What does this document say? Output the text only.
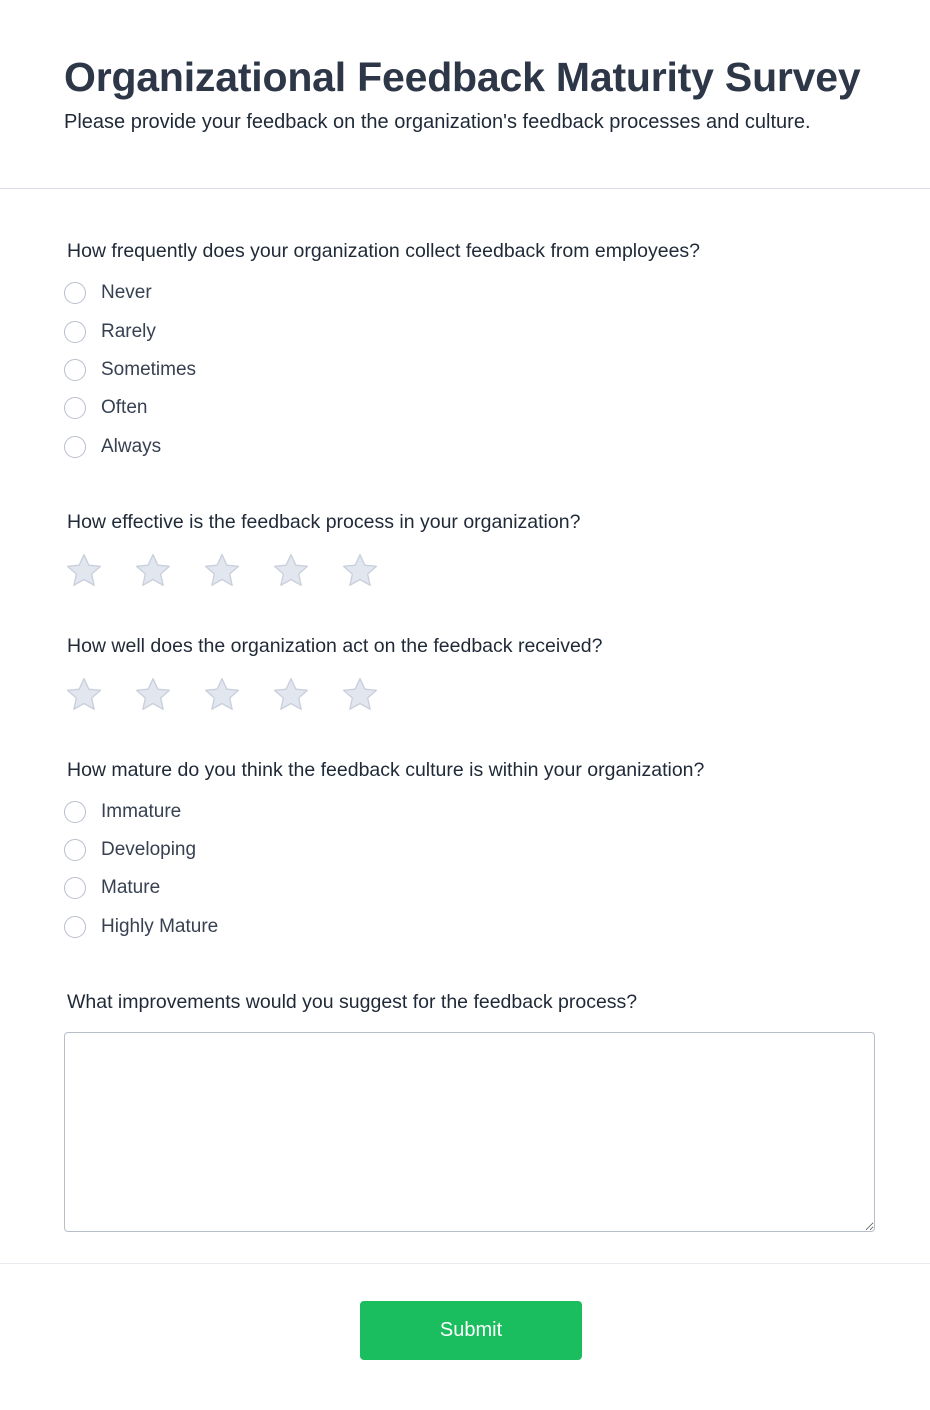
Organizational Feedback Maturity Survey
Please provide your feedback on the organization's feedback processes and culture.
How frequently does your organization collect feedback from employees?
Never
Rarely
Sometimes
Often
Always
How effective is the feedback process in your organization?
How well does the organization act on the feedback received?
How mature do you think the feedback culture is within your organization?
Immature
Developing
Mature
Highly Mature
What improvements would you suggest for the feedback process?
Submit
